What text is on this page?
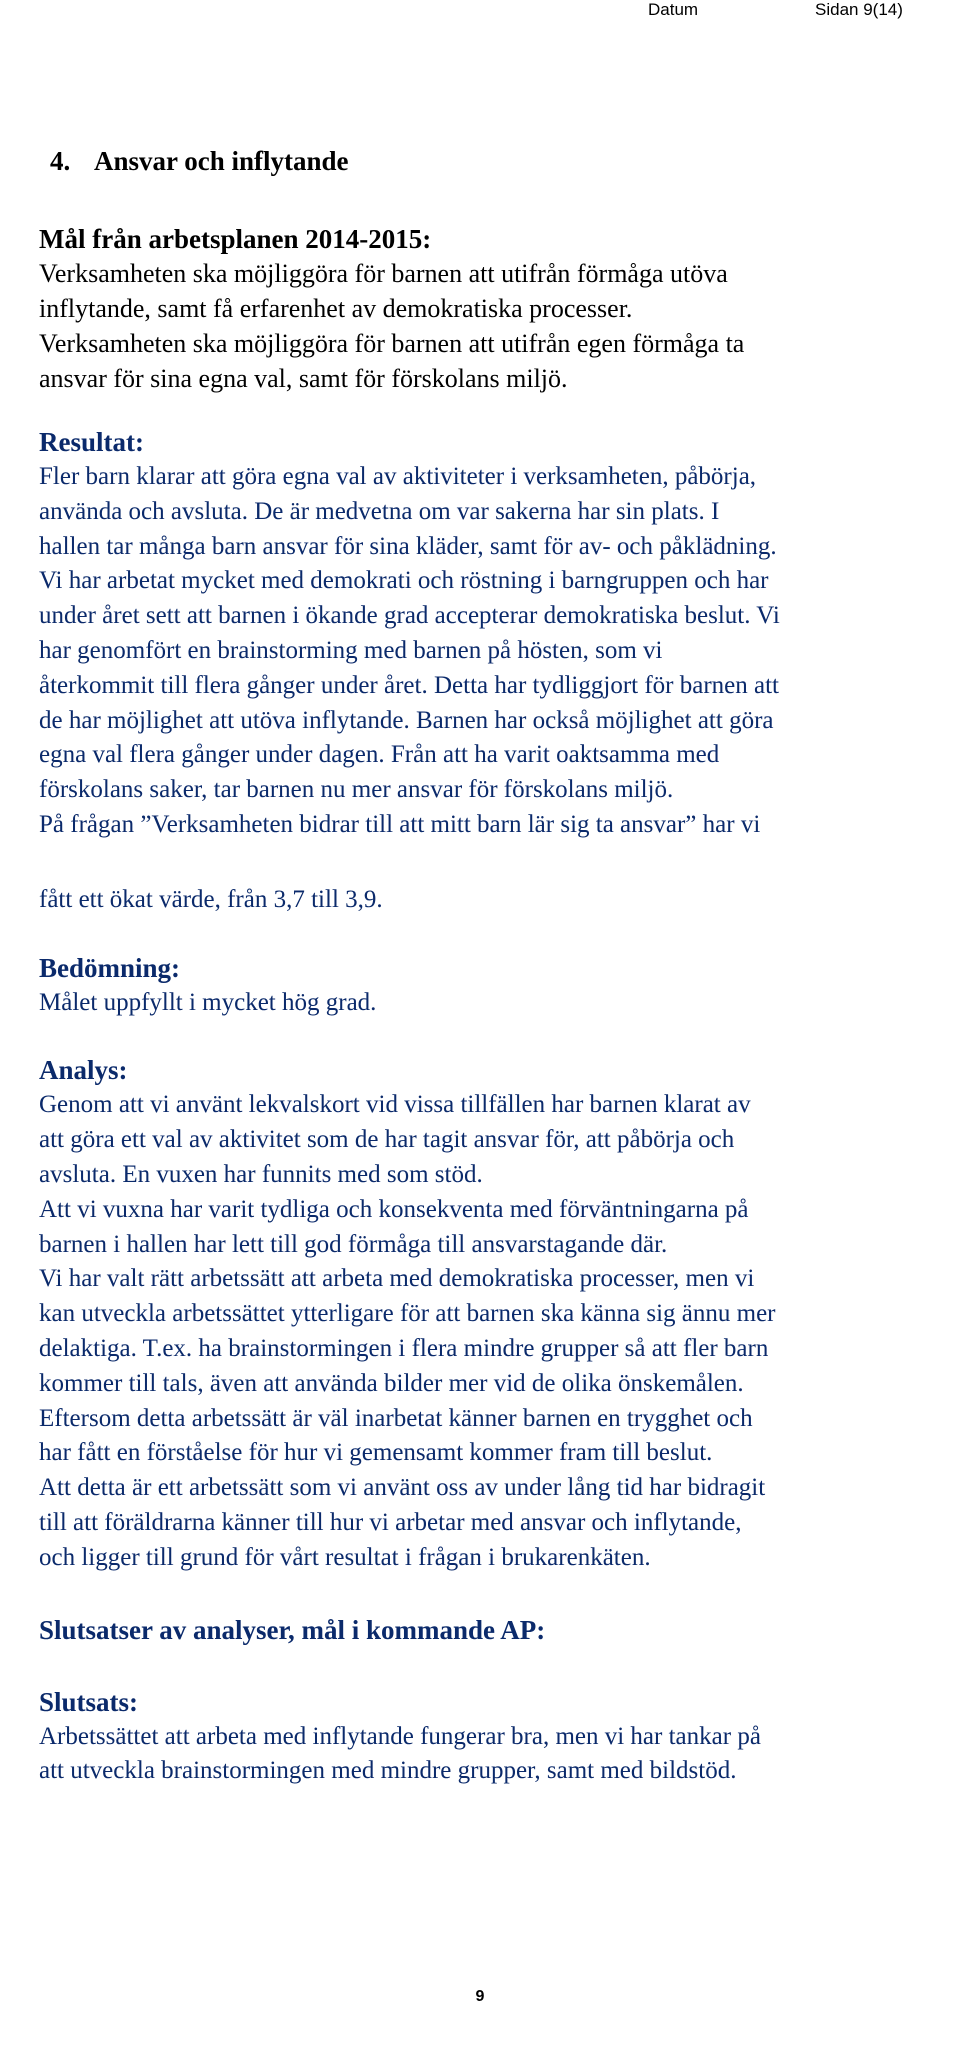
Datum	Sidan 9(14)
4. Ansvar och inflytande

Mål från arbetsplanen 2014-2015:

Verksamheten ska möjliggöra för barnen att utifrån förmåga utöva
inflytande, samt få erfarenhet av demokratiska processer.
Verksamheten ska möjliggöra för barnen att utifrån egen förmåga ta
ansvar för sina egna val, samt för förskolans miljö.

Resultat:

Fler barn klarar att göra egna val av aktiviteter i verksamheten, påbörja,
använda och avsluta. De är medvetna om var sakerna har sin plats. I
hallen tar många barn ansvar för sina kläder, samt för av- och påklädning.
Vi har arbetat mycket med demokrati och röstning i barngruppen och har
under året sett att barnen i ökande grad accepterar demokratiska beslut. Vi
har genomfört en brainstorming med barnen på hösten, som vi
återkommit till flera gånger under året. Detta har tydliggjort för barnen att
de har möjlighet att utöva inflytande. Barnen har också möjlighet att göra
egna val flera gånger under dagen. Från att ha varit oaktsamma med
förskolans saker, tar barnen nu mer ansvar för förskolans miljö.
På frågan ”Verksamheten bidrar till att mitt barn lär sig ta ansvar” har vi

fått ett ökat värde, från 3,7 till 3,9.

Bedömning:

Målet uppfyllt i mycket hög grad.

Analys:

Genom att vi använt lekvalskort vid vissa tillfällen har barnen klarat av
att göra ett val av aktivitet som de har tagit ansvar för, att påbörja och
avsluta. En vuxen har funnits med som stöd.
Att vi vuxna har varit tydliga och konsekventa med förväntningarna på
barnen i hallen har lett till god förmåga till ansvarstagande där.
Vi har valt rätt arbetssätt att arbeta med demokratiska processer, men vi
kan utveckla arbetssättet ytterligare för att barnen ska känna sig ännu mer
delaktiga. T.ex. ha brainstormingen i flera mindre grupper så att fler barn
kommer till tals, även att använda bilder mer vid de olika önskemålen.
Eftersom detta arbetssätt är väl inarbetat känner barnen en trygghet och
har fått en förståelse för hur vi gemensamt kommer fram till beslut.
Att detta är ett arbetssätt som vi använt oss av under lång tid har bidragit
till att föräldrarna känner till hur vi arbetar med ansvar och inflytande,
och ligger till grund för vårt resultat i frågan i brukarenkäten.

Slutsatser av analyser, mål i kommande AP:

Slutsats:

Arbetssättet att arbeta med inflytande fungerar bra, men vi har tankar på
att utveckla brainstormingen med mindre grupper, samt med bildstöd.

9
